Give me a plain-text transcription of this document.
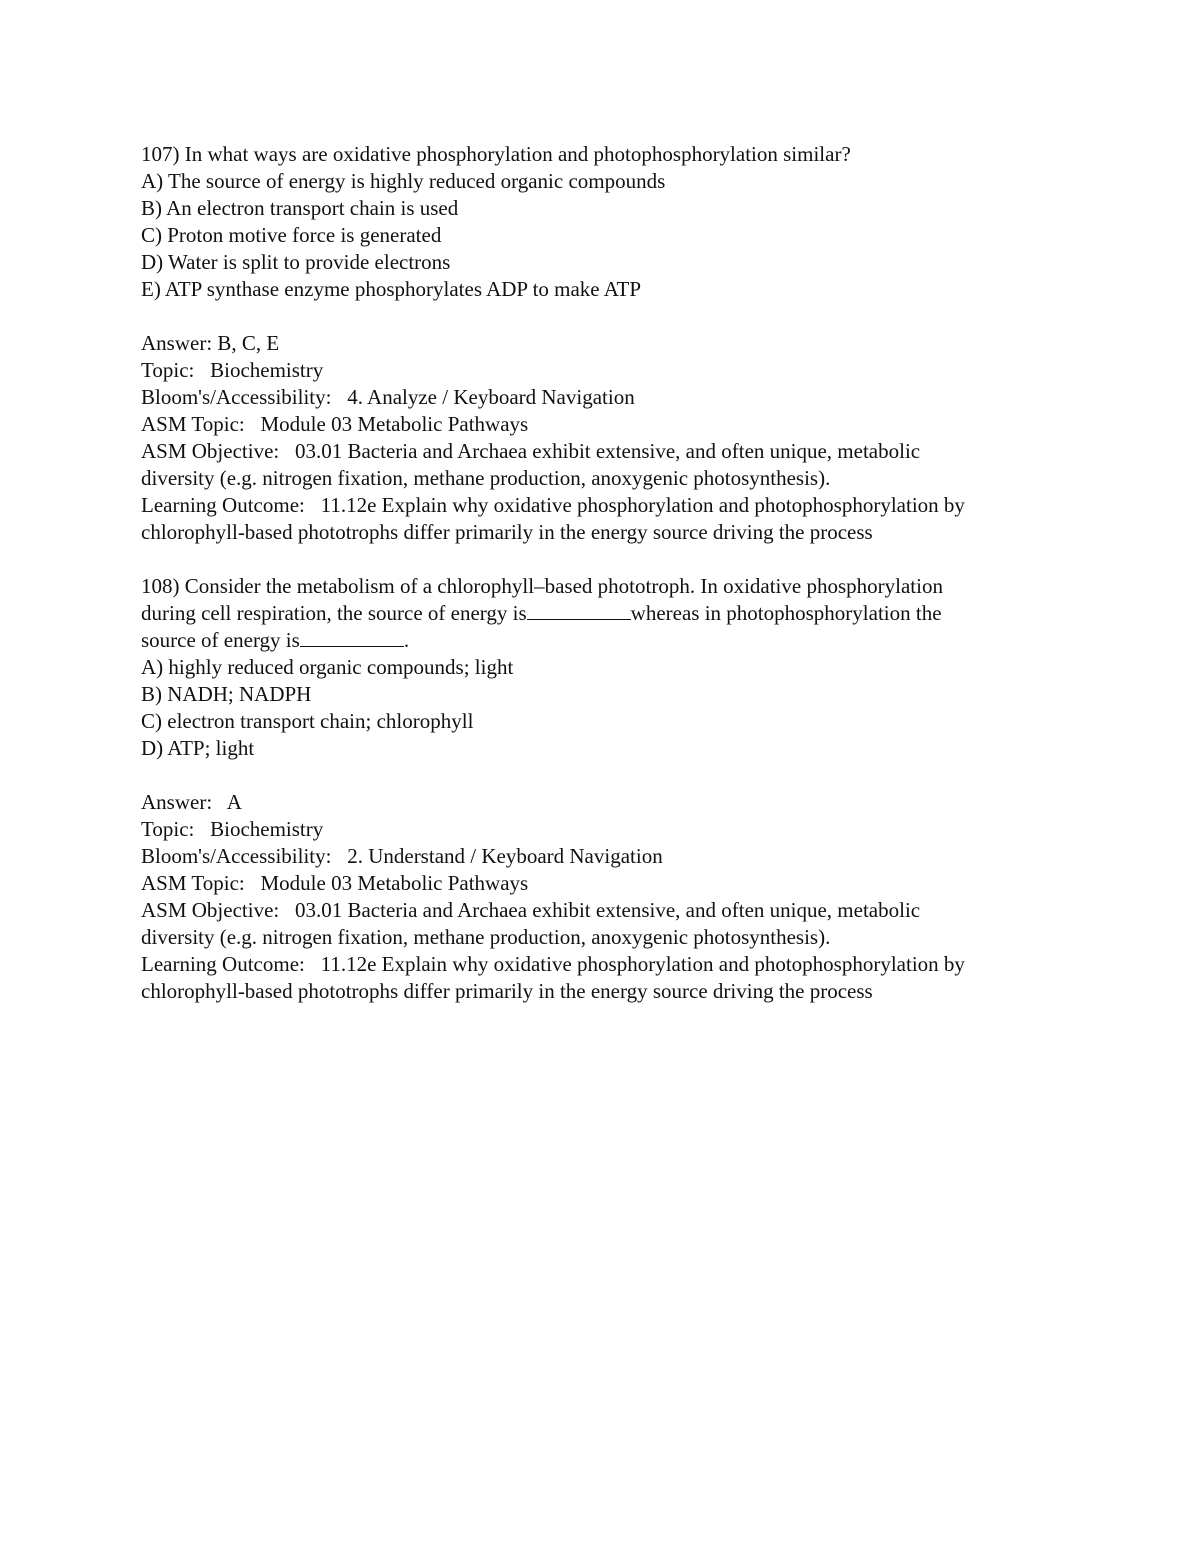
107) In what ways are oxidative phosphorylation and photophosphorylation similar?

A) The source of energy is highly reduced organic compounds

B) An electron transport chain is used

C) Proton motive force is generated

D) Water is split to provide electrons

E) ATP synthase enzyme phosphorylates ADP to make ATP

Answer: B, C, E

Topic: Biochemistry

Bloom's/Accessibility: 4. Analyze / Keyboard Navigation

ASM Topic: Module 03 Metabolic Pathways

ASM Objective: 03.01 Bacteria and Archaea exhibit extensive, and often unique, metabolic

diversity (e.g. nitrogen fixation, methane production, anoxygenic photosynthesis).

Learning Outcome: 11.12e Explain why oxidative phosphorylation and photophosphorylation by

chlorophyll-based phototrophs differ primarily in the energy source driving the process

108) Consider the metabolism of a chlorophyll–based phototroph. In oxidative phosphorylation

during cell respiration, the source of energy is	whereas in photophosphorylation the

source of energy is	.

A) highly reduced organic compounds; light

B) NADH; NADPH

C) electron transport chain; chlorophyll

D) ATP; light

Answer: A

Topic: Biochemistry

Bloom's/Accessibility: 2. Understand / Keyboard Navigation

ASM Topic: Module 03 Metabolic Pathways

ASM Objective: 03.01 Bacteria and Archaea exhibit extensive, and often unique, metabolic

diversity (e.g. nitrogen fixation, methane production, anoxygenic photosynthesis).

Learning Outcome: 11.12e Explain why oxidative phosphorylation and photophosphorylation by

chlorophyll-based phototrophs differ primarily in the energy source driving the process
